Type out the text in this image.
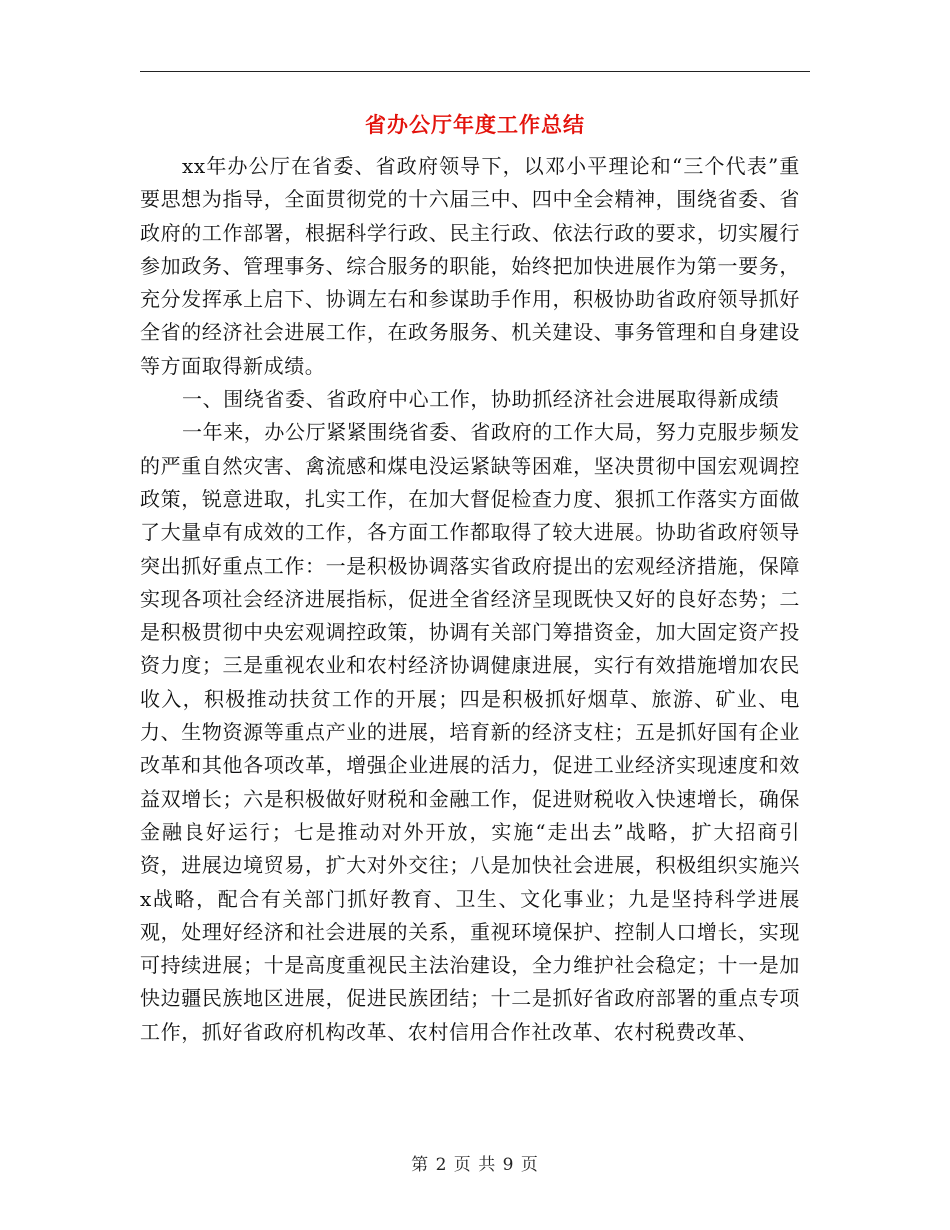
省办公厅年度工作总结

xx年办公厅在省委、省政府领导下，以邓小平理论和“三个代表”重要思想为指导，全面贯彻党的十六届三中、四中全会精神，围绕省委、省政府的工作部署，根据科学行政、民主行政、依法行政的要求，切实履行参加政务、管理事务、综合服务的职能，始终把加快进展作为第一要务，充分发挥承上启下、协调左右和参谋助手作用，积极协助省政府领导抓好全省的经济社会进展工作，在政务服务、机关建设、事务管理和自身建设等方面取得新成绩。

一、围绕省委、省政府中心工作，协助抓经济社会进展取得新成绩

一年来，办公厅紧紧围绕省委、省政府的工作大局，努力克服步频发的严重自然灾害、禽流感和煤电没运紧缺等困难，坚决贯彻中国宏观调控政策，锐意进取，扎实工作，在加大督促检查力度、狠抓工作落实方面做了大量卓有成效的工作，各方面工作都取得了较大进展。协助省政府领导突出抓好重点工作：一是积极协调落实省政府提出的宏观经济措施，保障实现各项社会经济进展指标，促进全省经济呈现既快又好的良好态势；二是积极贯彻中央宏观调控政策，协调有关部门筹措资金，加大固定资产投资力度；三是重视农业和农村经济协调健康进展，实行有效措施增加农民收入，积极推动扶贫工作的开展；四是积极抓好烟草、旅游、矿业、电力、生物资源等重点产业的进展，培育新的经济支柱；五是抓好国有企业改革和其他各项改革，增强企业进展的活力，促进工业经济实现速度和效益双增长；六是积极做好财税和金融工作，促进财税收入快速增长，确保金融良好运行；七是推动对外开放，实施“走出去”战略，扩大招商引资，进展边境贸易，扩大对外交往；八是加快社会进展，积极组织实施兴x战略，配合有关部门抓好教育、卫生、文化事业；九是坚持科学进展观，处理好经济和社会进展的关系，重视环境保护、控制人口增长，实现可持续进展；十是高度重视民主法治建设，全力维护社会稳定；十一是加快边疆民族地区进展，促进民族团结；十二是抓好省政府部署的重点专项工作，抓好省政府机构改革、农村信用合作社改革、农村税费改革、

第 2 页 共 9 页
